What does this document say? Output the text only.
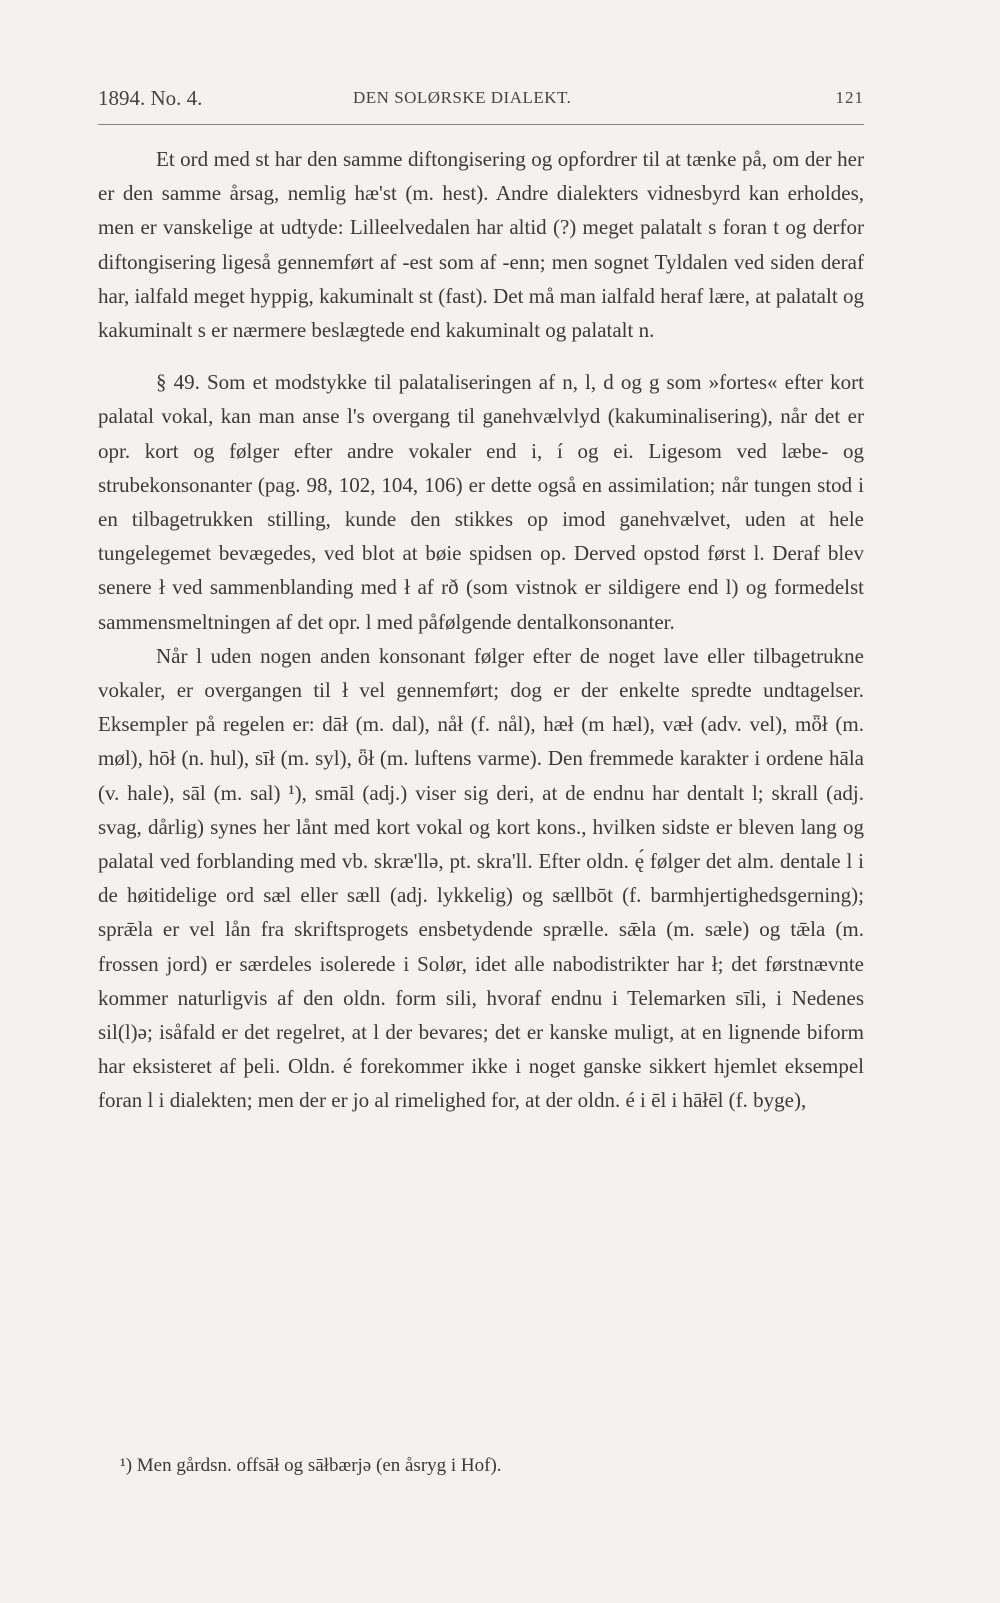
1894. No. 4.	DEN SOLØRSKE DIALEKT.	121

Et ord med st har den samme diftongisering og opfordrer til at tænke på, om der her er den samme årsag, nemlig hæ'st (m. hest). Andre dialekters vidnesbyrd kan erholdes, men er vanskelige at udtyde: Lilleelvedalen har altid (?) meget palatalt s foran t og derfor diftongisering ligeså gennemført af -est som af -enn; men sognet Tyldalen ved siden deraf har, ialfald meget hyppig, kakuminalt st (fast). Det må man ialfald heraf lære, at palatalt og kakuminalt s er nærmere beslægtede end kakuminalt og palatalt n.

§ 49. Som et modstykke til palataliseringen af n, l, d og g som »fortes« efter kort palatal vokal, kan man anse l's overgang til ganehvælvlyd (kakuminalisering), når det er opr. kort og følger efter andre vokaler end i, í og ei. Ligesom ved læbe- og strubekonsonanter (pag. 98, 102, 104, 106) er dette også en assimilation; når tungen stod i en tilbagetrukken stilling, kunde den stikkes op imod ganehvælvet, uden at hele tungelegemet bevægedes, ved blot at bøie spidsen op. Derved opstod først l. Deraf blev senere ł ved sammenblanding med ł af rð (som vistnok er sildigere end l) og formedelst sammensmeltningen af det opr. l med påfølgende dentalkonsonanter.

Når l uden nogen anden konsonant følger efter de noget lave eller tilbagetrukne vokaler, er overgangen til ł vel gennemført; dog er der enkelte spredte undtagelser. Eksempler på regelen er: dāł (m. dal), nåł (f. nål), hæł (m hæl), væł (adv. vel), mȫł (m. møl), hōł (n. hul), sīł (m. syl), ȫł (m. luftens varme). Den fremmede karakter i ordene hāla (v. hale), sāl (m. sal) ¹), smāl (adj.) viser sig deri, at de endnu har dentalt l; skrall (adj. svag, dårlig) synes her lånt med kort vokal og kort kons., hvilken sidste er bleven lang og palatal ved forblanding med vb. skræ'llə, pt. skra'll. Efter oldn. ę́ følger det alm. dentale l i de høitidelige ord sæl eller sæll (adj. lykkelig) og sællbōt (f. barmhjertighedsgerning); sprǣla er vel lån fra skriftsprogets ensbetydende sprælle. sǣla (m. sæle) og tǣla (m. frossen jord) er særdeles isolerede i Solør, idet alle nabodistrikter har ł; det førstnævnte kommer naturligvis af den oldn. form sili, hvoraf endnu i Telemarken sīli, i Nedenes sil(l)ə; isåfald er det regelret, at l der bevares; det er kanske muligt, at en lignende biform har eksisteret af þeli. Oldn. é forekommer ikke i noget ganske sikkert hjemlet eksempel foran l i dialekten; men der er jo al rimelighed for, at der oldn. é i ēl i hāłēl (f. byge),

¹) Men gårdsn. offsāł og sāłbærjə (en åsryg i Hof).
